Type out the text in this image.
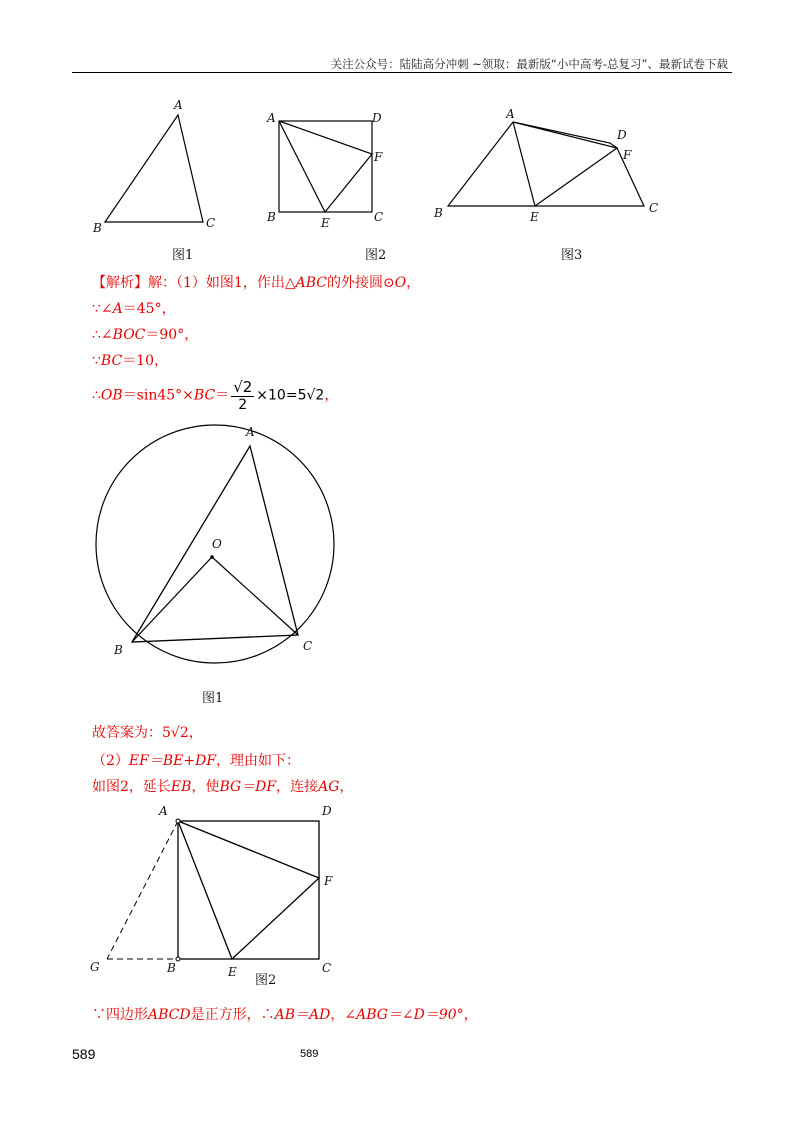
关注公众号：陆陆高分冲刺 ~领取：最新版“小中高考-总复习”、最新试卷下载
A
B	C
图1
A	D
F
B	E	C
图2
A
D
F
B	E
C
图3
【解析】解：（1）如图1，作出△ABC的外接圆⊙O，
∵∠A＝45°，
∴∠BOC＝90°，
∵BC＝10，
∴OB＝sin45°×BC＝ $\frac{√2}{2} \times 10=5√2$，
A
O
B	C
图1
故答案为：5√2，
（2）EF＝BE+DF，理由如下：
如图2，延长EB，使BG＝DF，连接AG，
A	D
F
G	B	E
图2
C
∵四边形ABCD是正方形，∴AB＝AD，∠ABG＝∠D＝90°，
589	589
